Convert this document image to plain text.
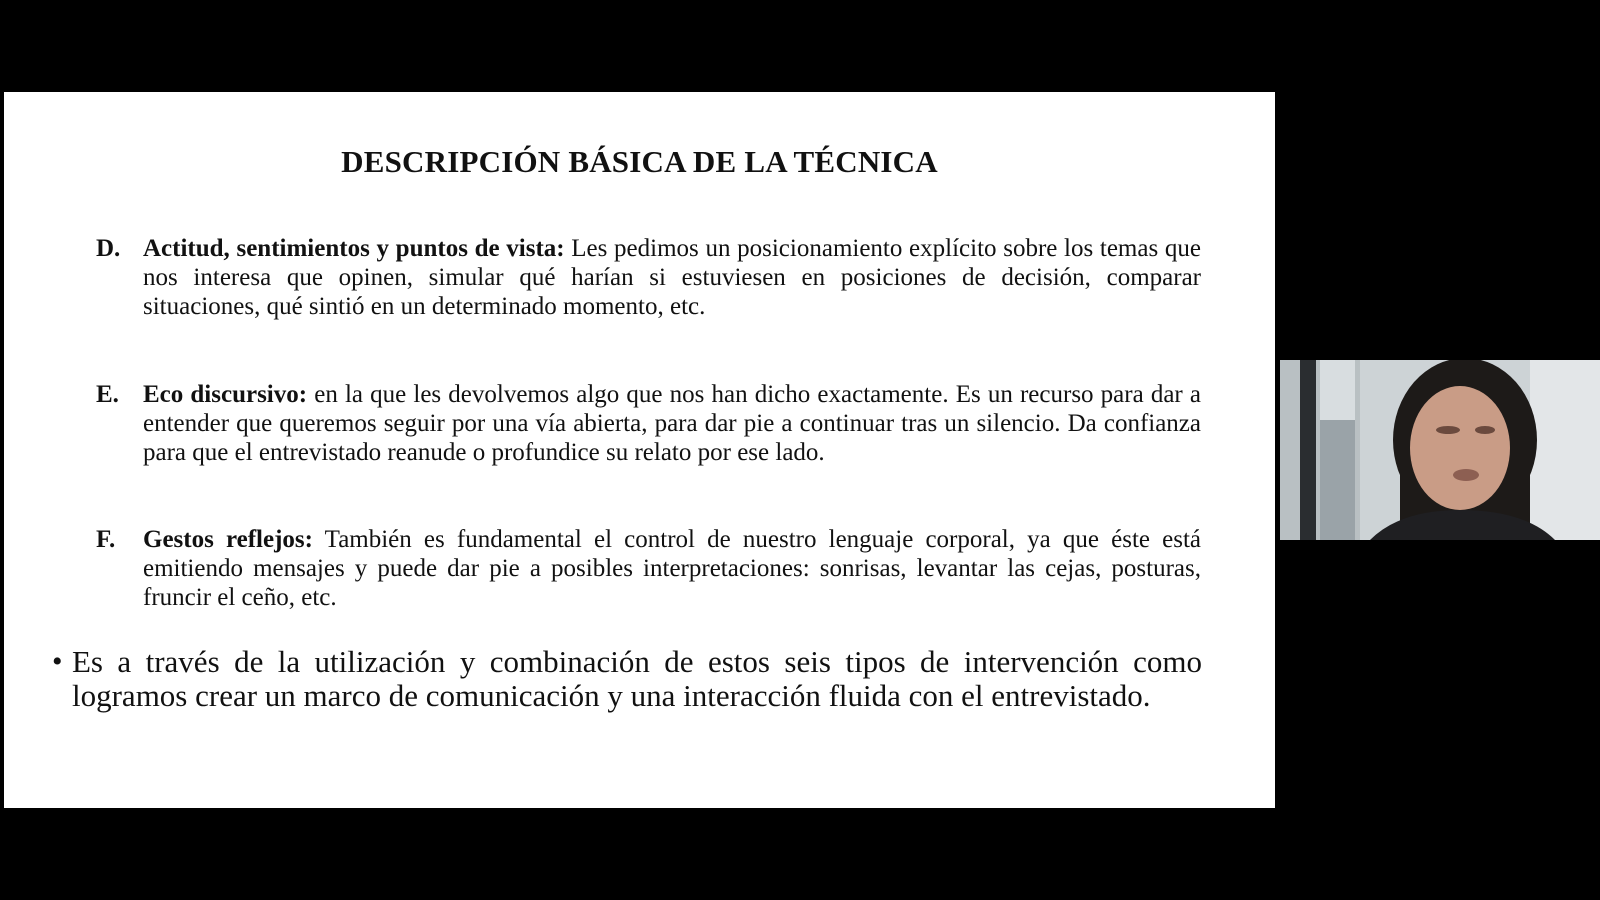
DESCRIPCIÓN BÁSICA DE LA TÉCNICA
D. Actitud, sentimientos y puntos de vista: Les pedimos un posicionamiento explícito sobre los temas que nos interesa que opinen, simular qué harían si estuviesen en posiciones de decisión, comparar situaciones, qué sintió en un determinado momento, etc.
E. Eco discursivo: en la que les devolvemos algo que nos han dicho exactamente. Es un recurso para dar a entender que queremos seguir por una vía abierta, para dar pie a continuar tras un silencio. Da confianza para que el entrevistado reanude o profundice su relato por ese lado.
F.	Gestos reflejos: También es fundamental el control de nuestro lenguaje corporal, ya que éste está emitiendo mensajes y puede dar pie a posibles interpretaciones: sonrisas, levantar las cejas, posturas, fruncir el ceño, etc.
• Es a través de la utilización y combinación de estos seis tipos de intervención como logramos crear un marco de comunicación y una interacción fluida con el entrevistado.
